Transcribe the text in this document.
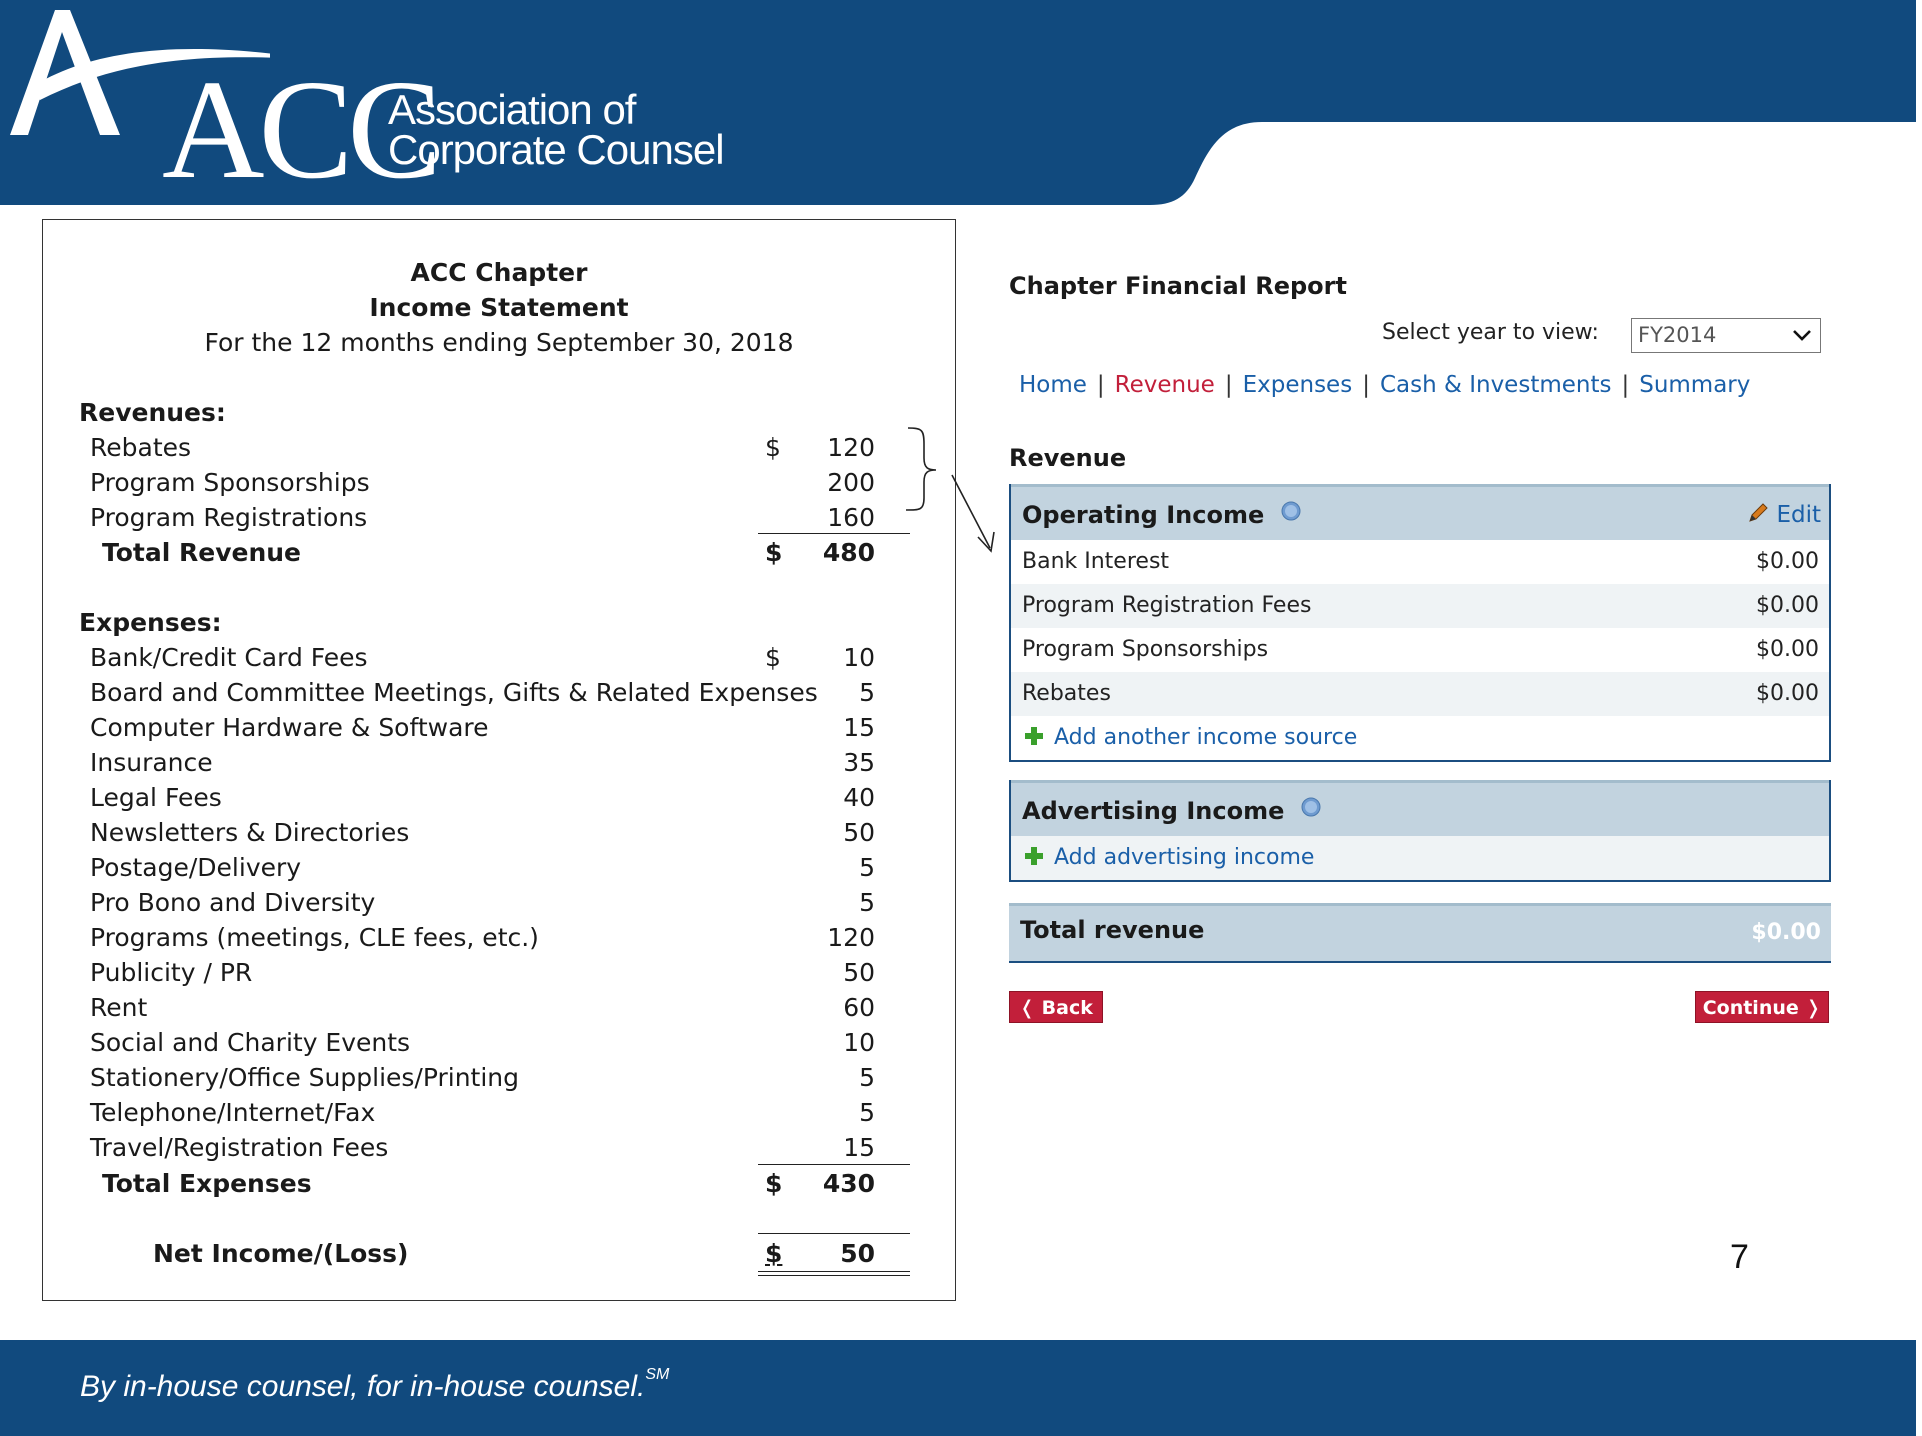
ACC
Association of
Corporate Counsel
ACC Chapter
Income Statement
For the 12 months ending September 30, 2018
Revenues:
Rebates	$ 120
Program Sponsorships	200
Program Registrations	160
Total Revenue	$ 480
Expenses:
Bank/Credit Card Fees	$ 10
Board and Committee Meetings, Gifts & Related Expenses 5
Computer Hardware & Software	15
Insurance	35
Legal Fees	40
Newsletters & Directories	50
Postage/Delivery	5
Pro Bono and Diversity	5
Programs (meetings, CLE fees, etc.)	120
Publicity / PR	50
Rent	60
Social and Charity Events	10
Stationery/Office Supplies/Printing	5
Telephone/Internet/Fax	5
Travel/Registration Fees	15
Total Expenses	$ 430
Net Income/(Loss)	$ 50
Chapter Financial Report
Select year to view:	FY2014
Home | Revenue | Expenses | Cash & Investments | Summary
Revenue
Operating Income	Edit
Bank Interest	$0.00
Program Registration Fees	$0.00
Program Sponsorships	$0.00
Rebates	$0.00
Add another income source
Advertising Income
Add advertising income
Total revenue	$0.00
❬ Back	Continue ❭
7
By in-house counsel, for in-house counsel.℠
